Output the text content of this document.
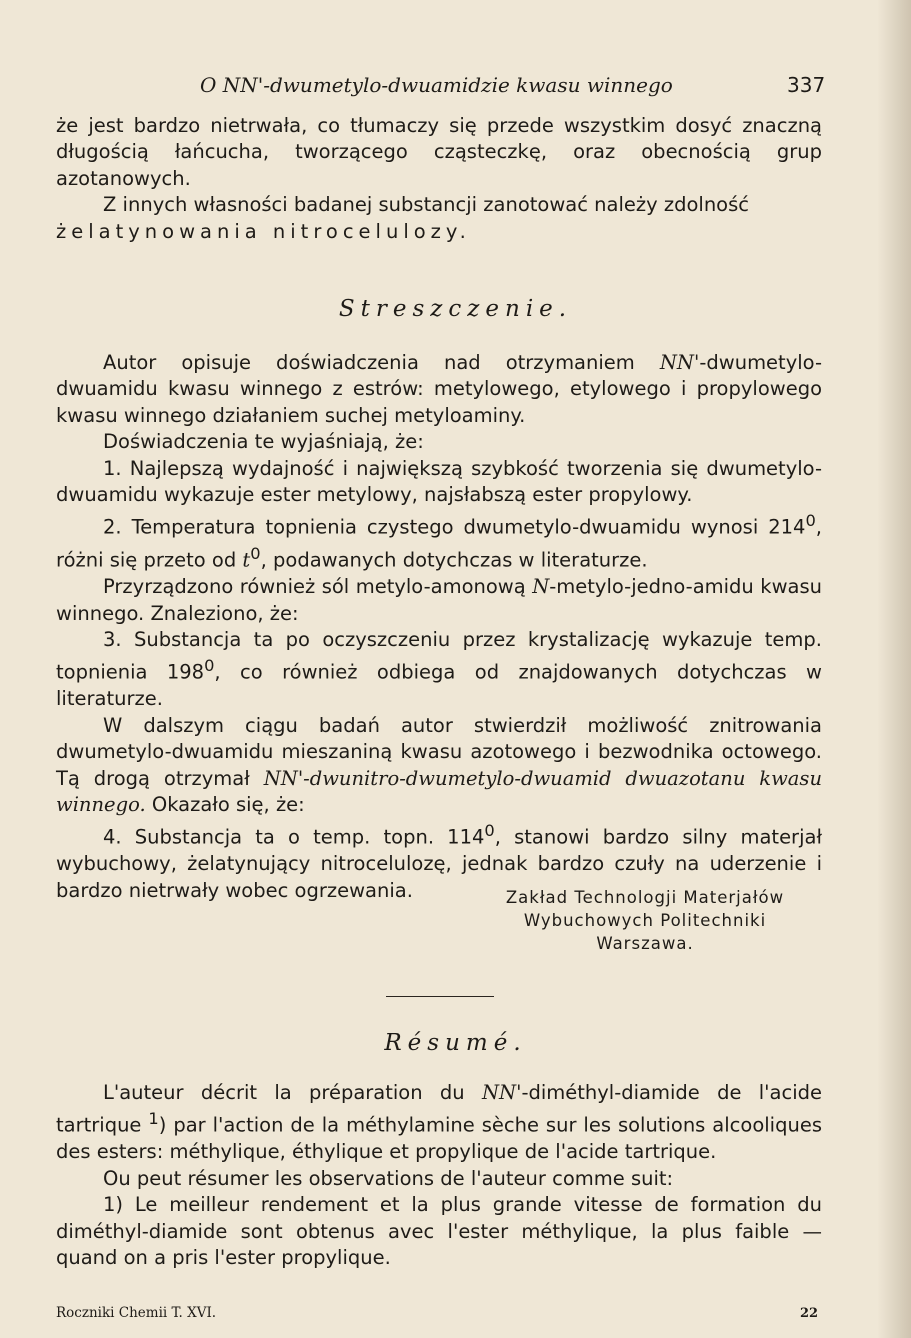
O NN'-dwumetylo-dwuamidzie kwasu winnego	337

że jest bardzo nietrwała, co tłumaczy się przede wszystkim dosyć znaczną długością łańcucha, tworzącego cząsteczkę, oraz obecnością grup azotanowych.

Z innych własności badanej substancji zanotować należy zdolność
żelatynowania nitrocelulozy.

Streszczenie.

Autor opisuje doświadczenia nad otrzymaniem NN'-dwumetylo-dwuamidu kwasu winnego z estrów: metylowego, etylowego i propylowego kwasu winnego działaniem suchej metyloaminy.

Doświadczenia te wyjaśniają, że:

1. Najlepszą wydajność i największą szybkość tworzenia się dwumetylo-dwuamidu wykazuje ester metylowy, najsłabszą ester propylowy.

2. Temperatura topnienia czystego dwumetylo-dwuamidu wynosi $214^0$, różni się przeto od $t^0$, podawanych dotychczas w literaturze.

Przyrządzono również sól metylo-amonową N-metylo-jedno-amidu kwasu winnego. Znaleziono, że:

3. Substancja ta po oczyszczeniu przez krystalizację wykazuje temp. topnienia $198^0$, co również odbiega od znajdowanych dotychczas w literaturze.

W dalszym ciągu badań autor stwierdził możliwość znitrowania dwumetylo-dwuamidu mieszaniną kwasu azotowego i bezwodnika octowego. Tą drogą otrzymał NN'-dwunitro-dwumetylo-dwuamid dwuazotanu kwasu winnego. Okazało się, że:

4. Substancja ta o temp. topn. $114^0$, stanowi bardzo silny materjał wybuchowy, żelatynujący nitrocelulozę, jednak bardzo czuły na uderzenie i bardzo nietrwały wobec ogrzewania.	Zakład Technologji Materjałów
Wybuchowych Politechniki
Warszawa.
Résumé.

L'auteur décrit la préparation du NN'-diméthyl-diamide de l'acide tartrique $^1$) par l'action de la méthylamine sèche sur les solutions alcooliques des esters: méthylique, éthylique et propylique de l'acide tartrique.

Ou peut résumer les observations de l'auteur comme suit:

1) Le meilleur rendement et la plus grande vitesse de formation du diméthyl-diamide sont obtenus avec l'ester méthylique, la plus faible — quand on a pris l'ester propylique.

Roczniki Chemii T. XVI.	22
